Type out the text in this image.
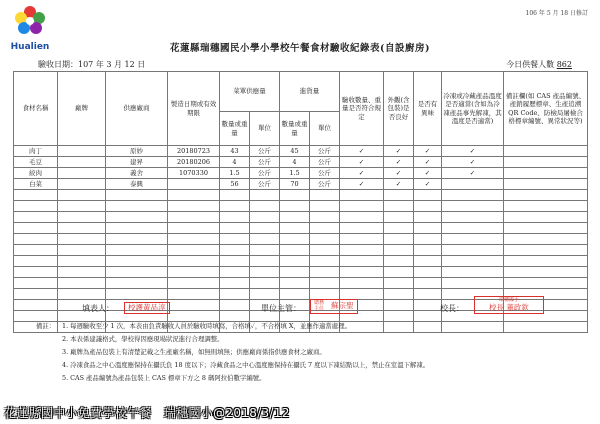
Hualien
106 年 5 月 18 日修訂
花蓮縣瑞穗國民小學小學校午餐食材驗收紀錄表(自設廚房)
驗收日期：107 年 3 月 12 日	今日供餐人數 862
食材名稱	廠牌	供應廠商	製造日期或有效期限	菜單供應量		進貨量		驗收數量、重量是否符合規定	外觀(含包裝)是否良好	是否有異味	冷凍或冷藏產品溫度是否適當(含如為冷凍產品事先解凍，其溫度是否適當)	備註欄(如 CAS 產品編號、產銷履歷標章、生產追溯 QR Code、防檢局屠檢合格標章編號、異常狀況等)
				數量或重量	單位	數量或重量	單位					
肉丁		原妙	20180723	43	公斤	45	公斤	✓	✓	✓	✓	
毛豆		建昇	20180206	4	公斤	4	公斤	✓	✓	✓	✓	
絞肉		義舍	1070330	1.5	公斤	1.5	公斤	✓	✓	✓	✓	
白菜		泰興		56	公斤	70	公斤	✓	✓	✓		

填表人：	校護黃品淳	單位主管：
總務主任 蘇宗聖	校長：
瑞穗國小
校長 董政欽
備註： 1. 每週驗收至少 1 次，本表由負責驗收人員於驗收時填寫，合格填✓，不合格填 X，並應作適當處理。
2. 本表係建議格式，學校得因應現場狀況進行合理調整。
3. 廠牌為產品包裝上有清楚記載之生產廠名稱，如無則填無；供應廠商係指供應食材之廠商。
4. 冷凍食品之中心溫度應保持在攝氏負 18 度以下；冷藏食品之中心溫度應保持在攝氏 7 度以下凍結點以上，禁止在室溫下解凍。
5. CAS 產品編號為產品包裝上 CAS 標章下方之 8 碼阿拉伯數字編號。
花蓮縣國中小免費學校午餐　瑞穗國小@2018/3/12
